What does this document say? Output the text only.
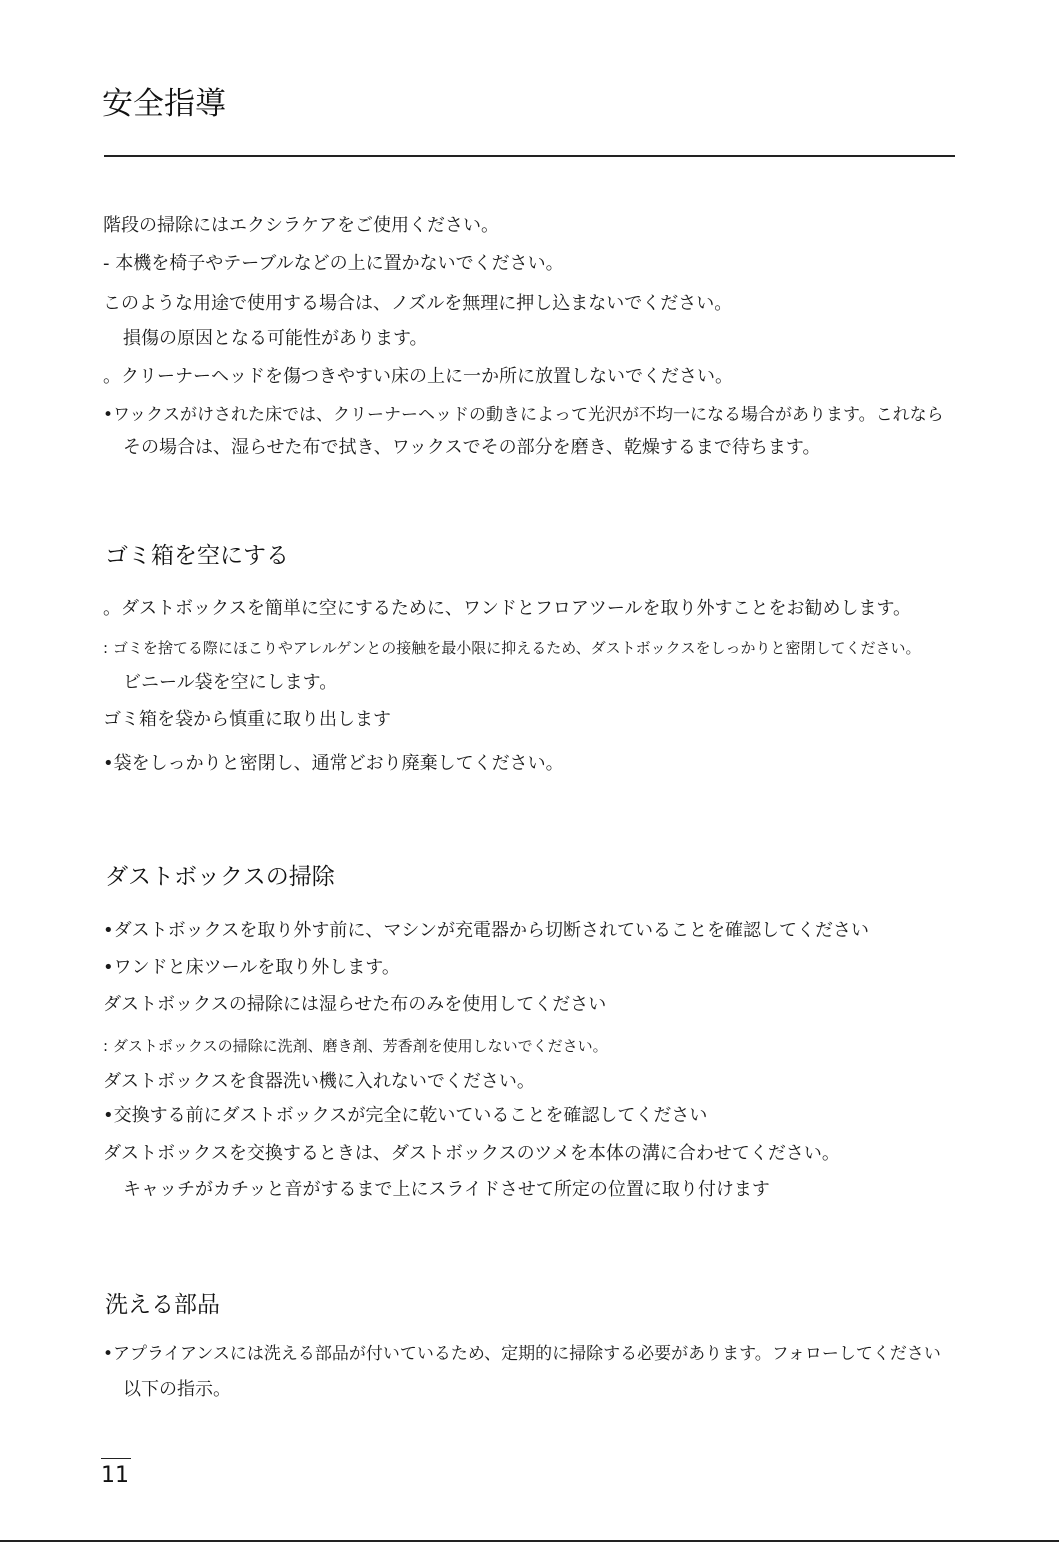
安全指導
階段の掃除にはエクシラケアをご使用ください。
- 本機を椅子やテーブルなどの上に置かないでください。
このような用途で使用する場合は、ノズルを無理に押し込まないでください。
損傷の原因となる可能性があります。
。クリーナーヘッドを傷つきやすい床の上に一か所に放置しないでください。
•ワックスがけされた床では、クリーナーヘッドの動きによって光沢が不均一になる場合があります。これなら
その場合は、湿らせた布で拭き、ワックスでその部分を磨き、乾燥するまで待ちます。
ゴミ箱を空にする
。ダストボックスを簡単に空にするために、ワンドとフロアツールを取り外すことをお勧めします。
: ゴミを捨てる際にほこりやアレルゲンとの接触を最小限に抑えるため、ダストボックスをしっかりと密閉してください。
ビニール袋を空にします。
ゴミ箱を袋から慎重に取り出します
•袋をしっかりと密閉し、通常どおり廃棄してください。
ダストボックスの掃除
•ダストボックスを取り外す前に、マシンが充電器から切断されていることを確認してください
•ワンドと床ツールを取り外します。
ダストボックスの掃除には湿らせた布のみを使用してください
: ダストボックスの掃除に洗剤、磨き剤、芳香剤を使用しないでください。
ダストボックスを食器洗い機に入れないでください。
•交換する前にダストボックスが完全に乾いていることを確認してください
ダストボックスを交換するときは、ダストボックスのツメを本体の溝に合わせてください。
キャッチがカチッと音がするまで上にスライドさせて所定の位置に取り付けます
洗える部品
•アプライアンスには洗える部品が付いているため、定期的に掃除する必要があります。フォローしてください
以下の指示。
11
